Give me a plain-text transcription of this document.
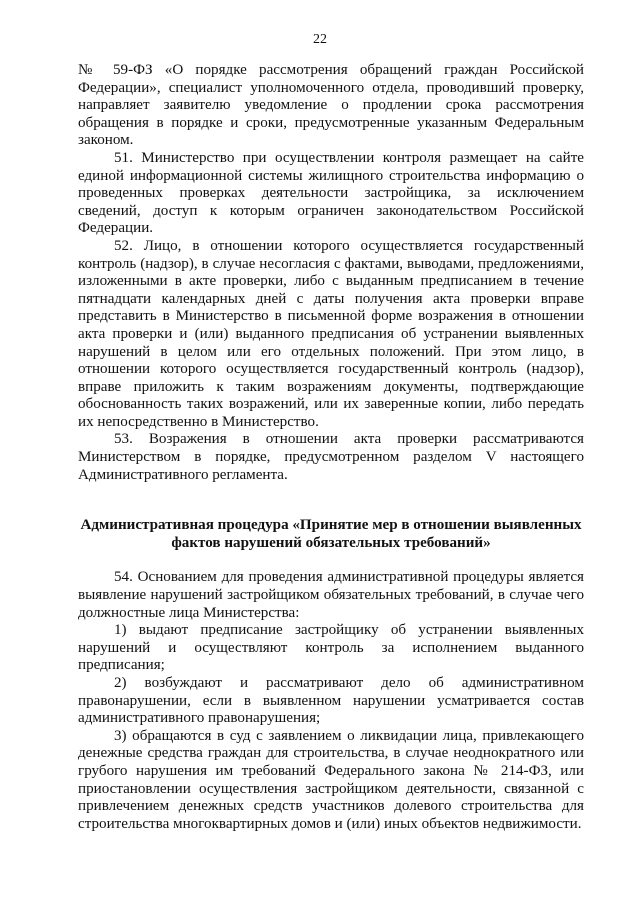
22

№ 59-ФЗ «О порядке рассмотрения обращений граждан Российской Федерации», специалист уполномоченного отдела, проводивший проверку, направляет заявителю уведомление о продлении срока рассмотрения обращения в порядке и сроки, предусмотренные указанным Федеральным законом.

51. Министерство при осуществлении контроля размещает на сайте единой информационной системы жилищного строительства информацию о проведенных проверках деятельности застройщика, за исключением сведений, доступ к которым ограничен законодательством Российской Федерации.

52. Лицо, в отношении которого осуществляется государственный контроль (надзор), в случае несогласия с фактами, выводами, предложениями, изложенными в акте проверки, либо с выданным предписанием в течение пятнадцати календарных дней с даты получения акта проверки вправе представить в Министерство в письменной форме возражения в отношении акта проверки и (или) выданного предписания об устранении выявленных нарушений в целом или его отдельных положений. При этом лицо, в отношении которого осуществляется государственный контроль (надзор), вправе приложить к таким возражениям документы, подтверждающие обоснованность таких возражений, или их заверенные копии, либо передать их непосредственно в Министерство.

53. Возражения в отношении акта проверки рассматриваются Министерством в порядке, предусмотренном разделом V настоящего Административного регламента.

Административная процедура «Принятие мер в отношении выявленных фактов нарушений обязательных требований»

54. Основанием для проведения административной процедуры является выявление нарушений застройщиком обязательных требований, в случае чего должностные лица Министерства:

1) выдают предписание застройщику об устранении выявленных нарушений и осуществляют контроль за исполнением выданного предписания;

2) возбуждают и рассматривают дело об административном правонарушении, если в выявленном нарушении усматривается состав административного правонарушения;

3) обращаются в суд с заявлением о ликвидации лица, привлекающего денежные средства граждан для строительства, в случае неоднократного или грубого нарушения им требований Федерального закона № 214-ФЗ, или приостановлении осуществления застройщиком деятельности, связанной с привлечением денежных средств участников долевого строительства для строительства многоквартирных домов и (или) иных объектов недвижимости.
